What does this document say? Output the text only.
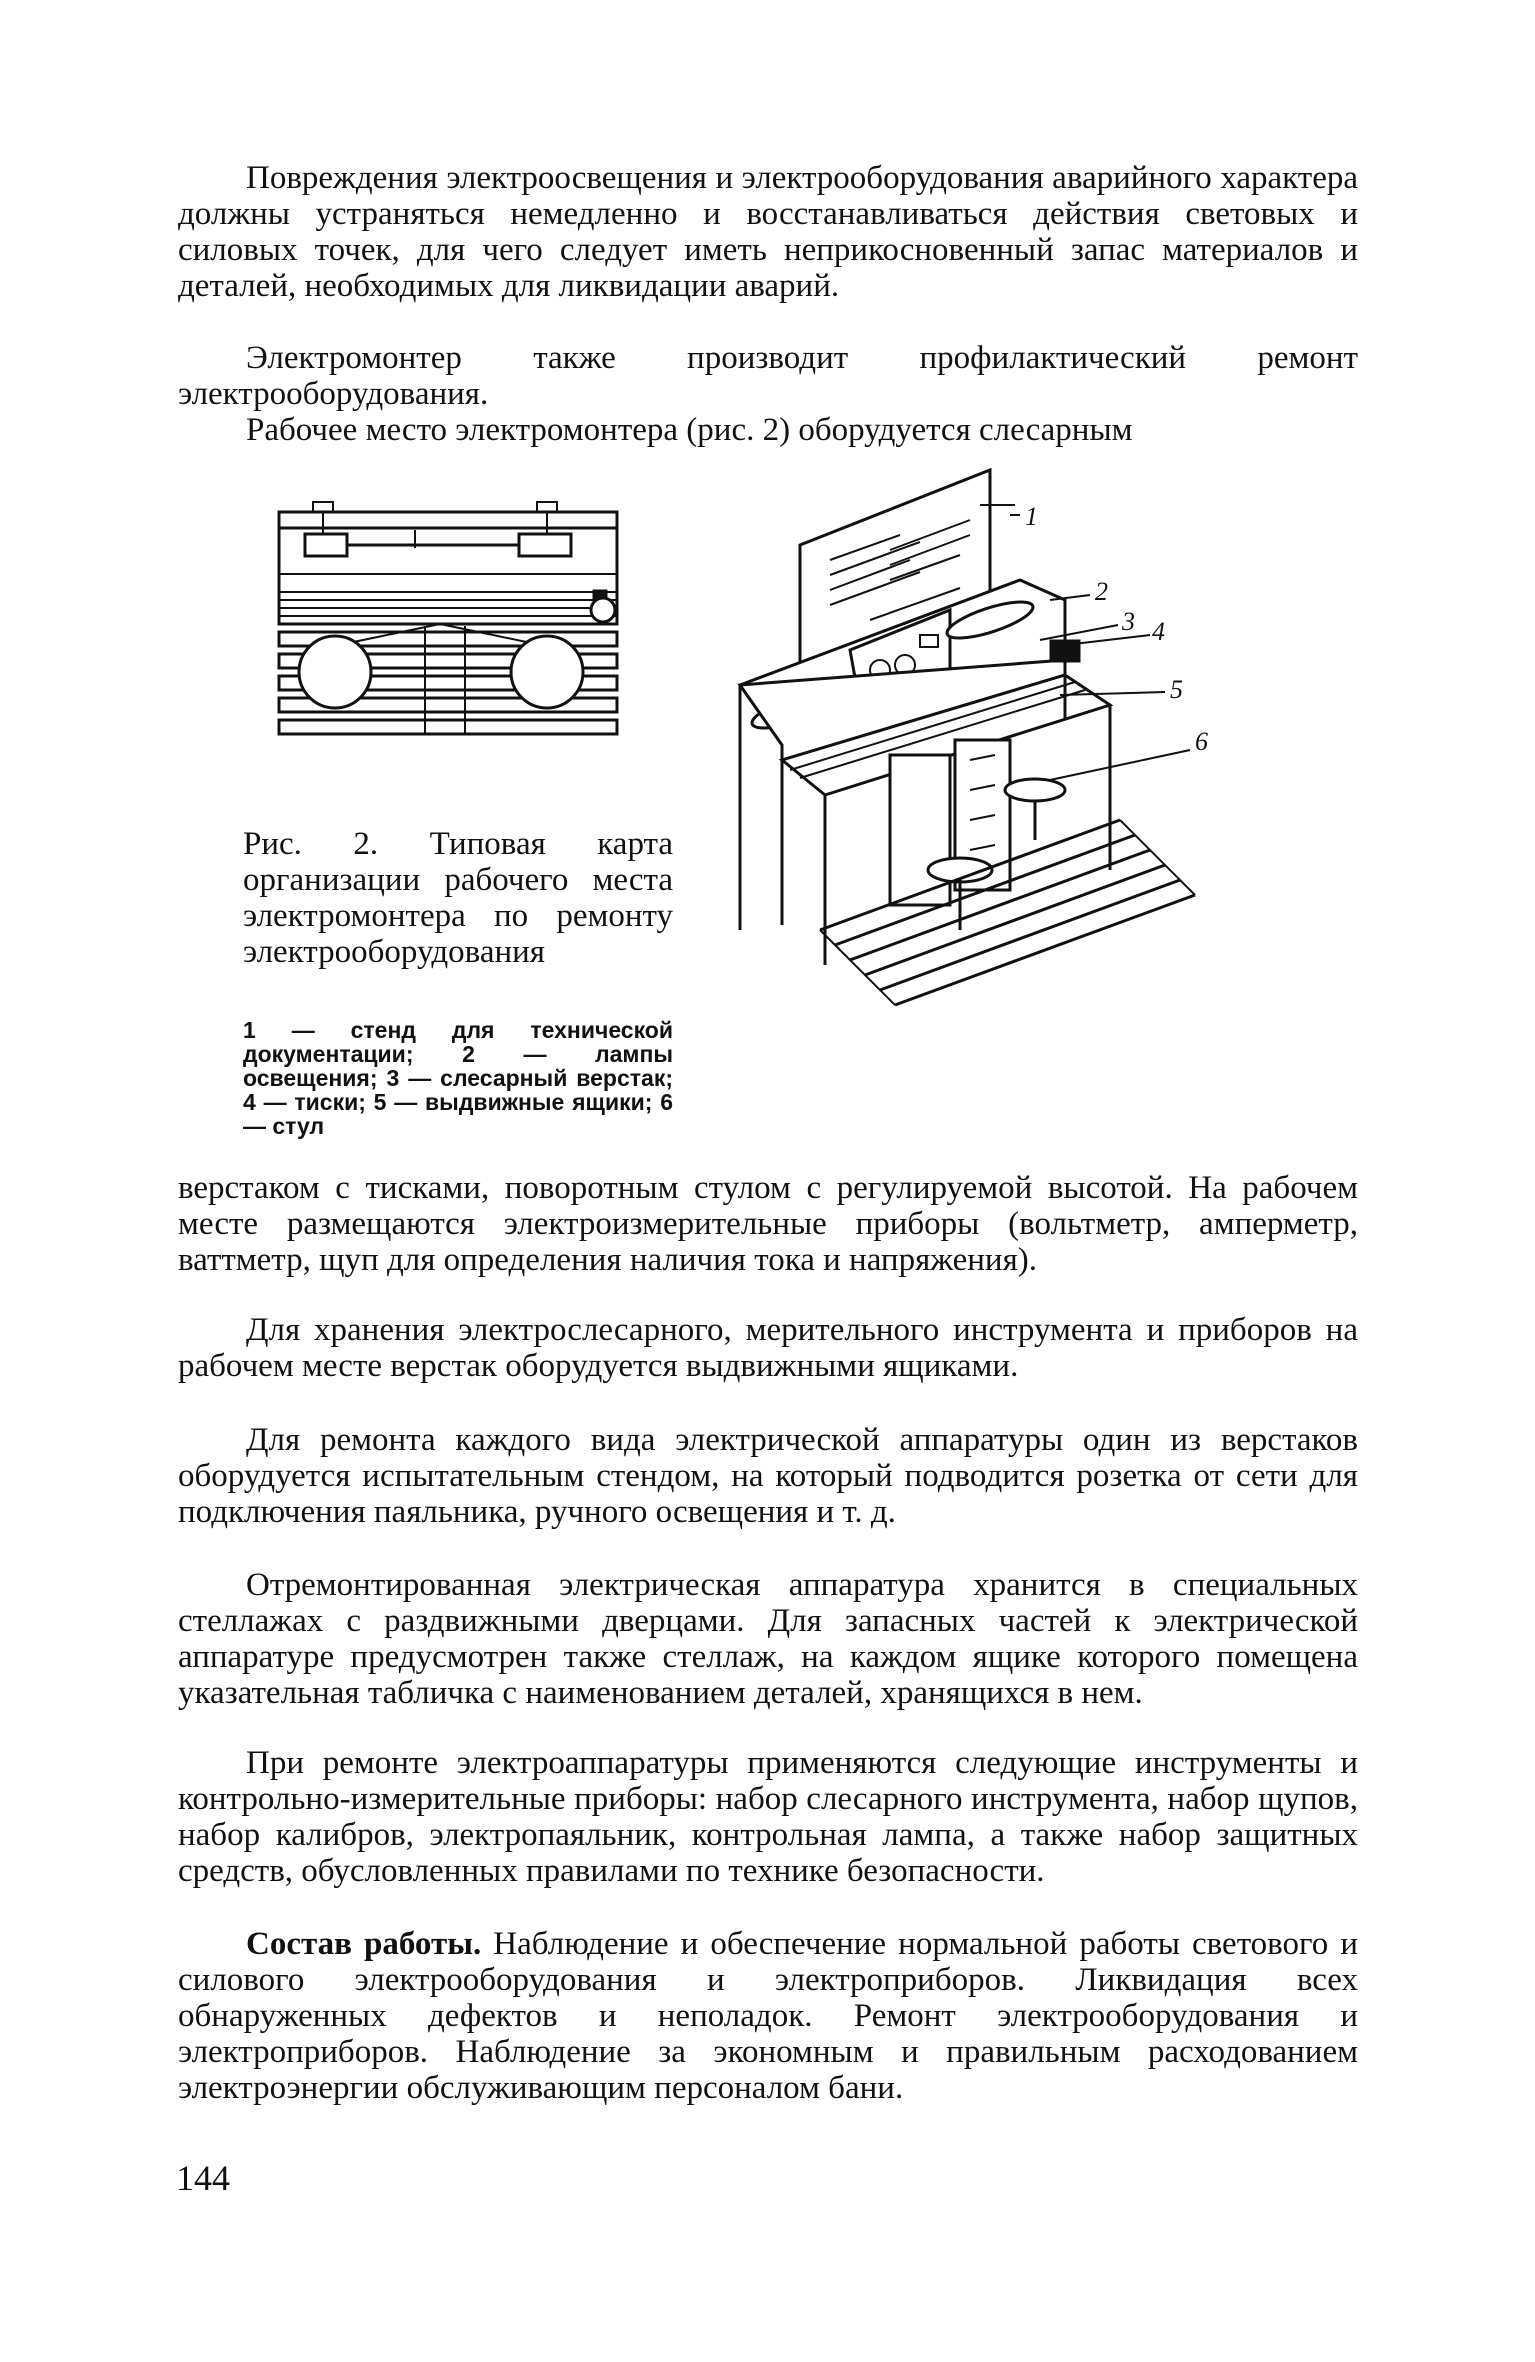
Повреждения электроосвещения и электрооборудования аварийного характера должны устраняться немедленно и восстанавливаться действия световых и силовых точек, для чего следует иметь неприкосновенный запас материалов и деталей, необходимых для ликвидации аварий.

Электромонтер также производит профилактический ремонт электрооборудования.

Рабочее место электромонтера (рис. 2) оборудуется слесарным

1
2
3 4
5
6

Рис. 2. Типовая карта организации рабочего места электромонтера по ремонту электрооборудования

1 — стенд для технической документации; 2 — лампы освещения; 3 — слесарный верстак; 4 — тиски; 5 — выдвижные ящики; 6 — стул

верстаком с тисками, поворотным стулом с регулируемой высотой. На рабочем месте размещаются электроизмерительные приборы (вольтметр, амперметр, ваттметр, щуп для определения наличия тока и напряжения).

Для хранения электрослесарного, мерительного инструмента и приборов на рабочем месте верстак оборудуется выдвижными ящиками.

Для ремонта каждого вида электрической аппаратуры один из верстаков оборудуется испытательным стендом, на который подводится розетка от сети для подключения паяльника, ручного освещения и т. д.

Отремонтированная электрическая аппаратура хранится в специальных стеллажах с раздвижными дверцами. Для запасных частей к электрической аппаратуре предусмотрен также стеллаж, на каждом ящике которого помещена указательная табличка с наименованием деталей, хранящихся в нем.

При ремонте электроаппаратуры применяются следующие инструменты и контрольно-измерительные приборы: набор слесарного инструмента, набор щупов, набор калибров, электропаяльник, контрольная лампа, а также набор защитных средств, обусловленных правилами по технике безопасности.

Состав работы. Наблюдение и обеспечение нормальной работы светового и силового электрооборудования и электроприборов. Ликвидация всех обнаруженных дефектов и неполадок. Ремонт электрооборудования и электроприборов. Наблюдение за экономным и правильным расходованием электроэнергии обслуживающим персоналом бани.

144
